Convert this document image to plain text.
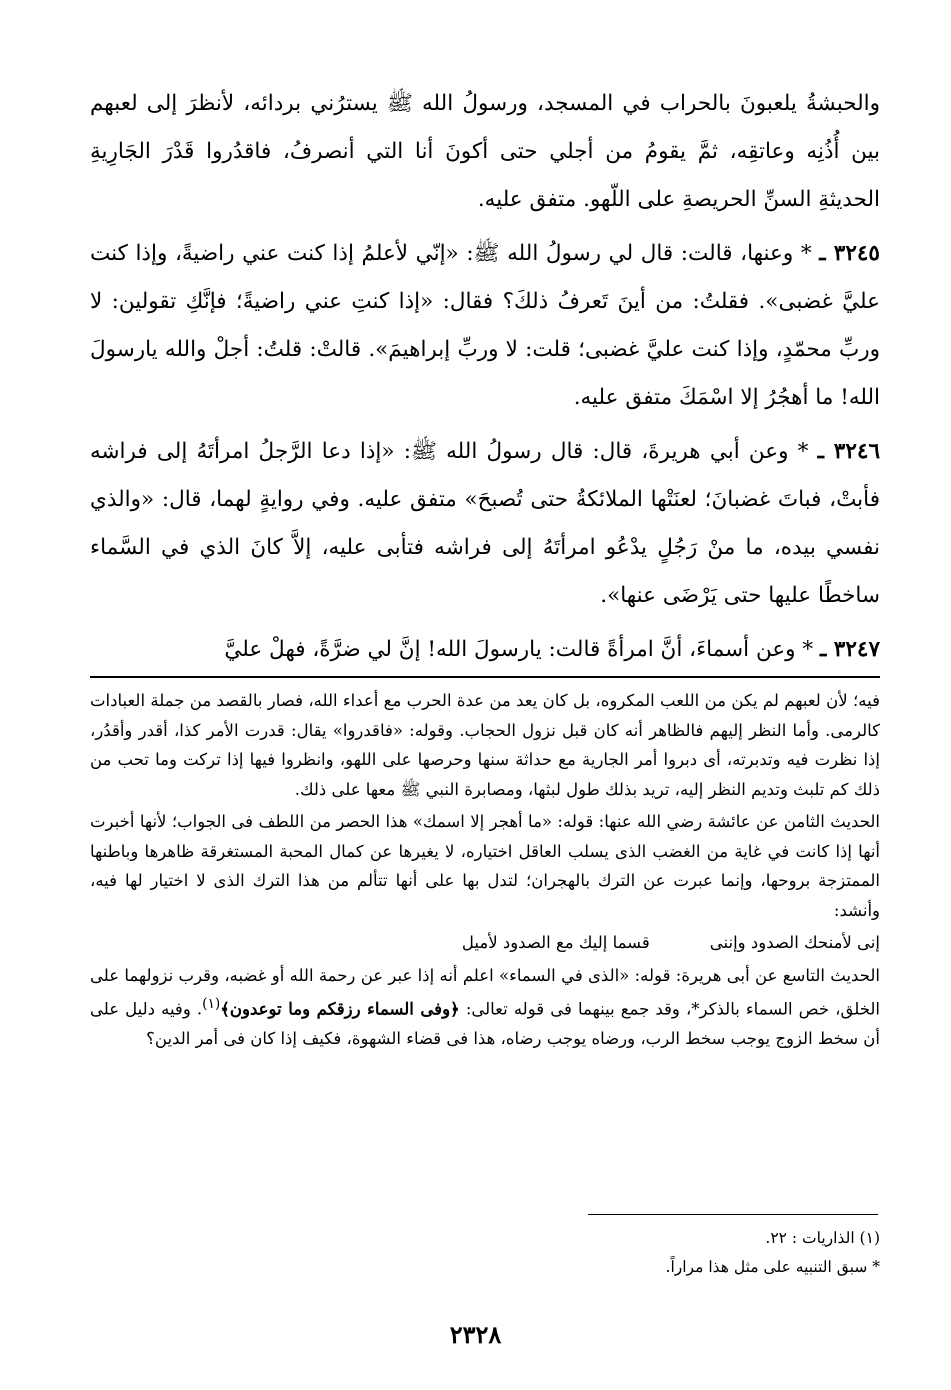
والحبشةُ يلعبونَ بالحراب في المسجد، ورسولُ الله ﷺ يسترُني بردائه، لأنظرَ إلى لعبهم بين أُذُنِه وعاتقِه، ثمَّ يقومُ من أجلي حتى أكونَ أنا التي أنصرفُ، فاقدُروا قَدْرَ الجَارِيةِ الحديثةِ السنِّ الحريصةِ على اللّهو. متفق عليه.

٣٢٤٥ ـ * وعنها، قالت: قال لي رسولُ الله ﷺ: «إنّي لأعلمُ إذا كنت عني راضيةً، وإذا كنت عليَّ غضبى». فقلتُ: من أينَ تَعرفُ ذلكَ؟ فقال: «إذا كنتِ عني راضيةً؛ فإنَّكِ تقولين: لا وربِّ محمّدٍ، وإذا كنت عليَّ غضبى؛ قلت: لا وربِّ إبراهيمَ». قالتْ: قلتُ: أجلْ والله يارسولَ الله! ما أهجُرُ إلا اسْمَكَ متفق عليه.

٣٢٤٦ ـ * وعن أبي هريرةَ، قال: قال رسولُ الله ﷺ: «إذا دعا الرَّجلُ امرأتَهُ إلى فراشه فأبتْ، فباتَ غضبانَ؛ لعنَتْها الملائكةُ حتى تُصبحَ» متفق عليه. وفي روايةٍ لهما، قال: «والذي نفسي بيده، ما منْ رَجُلٍ يدْعُو امرأتَهُ إلى فراشه فتأبى عليه، إلاَّ كانَ الذي في السَّماء ساخطًا عليها حتى يَرْضَى عنها».

٣٢٤٧ ـ * وعن أسماءَ، أنَّ امرأةً قالت: يارسولَ الله! إنَّ لي ضرَّةً، فهلْ عليَّ

فيه؛ لأن لعبهم لم يكن من اللعب المكروه، بل كان يعد من عدة الحرب مع أعداء الله، فصار بالقصد من جملة العبادات كالرمى. وأما النظر إليهم فالظاهر أنه كان قبل نزول الحجاب. وقوله: «فاقدروا» يقال: قدرت الأمر كذا، أقدر وأقدُر، إذا نظرت فيه وتدبرته، أى دبروا أمر الجارية مع حداثة سنها وحرصها على اللهو، وانظروا فيها إذا تركت وما تحب من ذلك كم تلبث وتديم النظر إليه، تريد بذلك طول لبثها، ومصابرة النبي ﷺ معها على ذلك.

الحديث الثامن عن عائشة رضي الله عنها: قوله: «ما أهجر إلا اسمك» هذا الحصر من اللطف فى الجواب؛ لأنها أخبرت أنها إذا كانت في غاية من الغضب الذى يسلب العاقل اختياره، لا يغيرها عن كمال المحبة المستغرقة ظاهرها وباطنها الممتزجة بروحها، وإنما عبرت عن الترك بالهجران؛ لتدل بها على أنها تتألم من هذا الترك الذى لا اختيار لها فيه، وأنشد:

إنى لأمنحك الصدود وإننى
قسما إليك مع الصدود لأميل

الحديث التاسع عن أبى هريرة: قوله: «الذى في السماء» اعلم أنه إذا عبر عن رحمة الله أو غضبه، وقرب نزولهما على الخلق، خص السماء بالذكر*، وقد جمع بينهما فى قوله تعالى: ﴿وفى السماء رزقكم وما توعدون﴾$^{(١)}$. وفيه دليل على أن سخط الزوج يوجب سخط الرب، ورضاه يوجب رضاه، هذا فى قضاء الشهوة، فكيف إذا كان فى أمر الدين؟

(١) الذاريات : ٢٢.
* سبق التنبيه على مثل هذا مراراً.
٢٣٢٨
